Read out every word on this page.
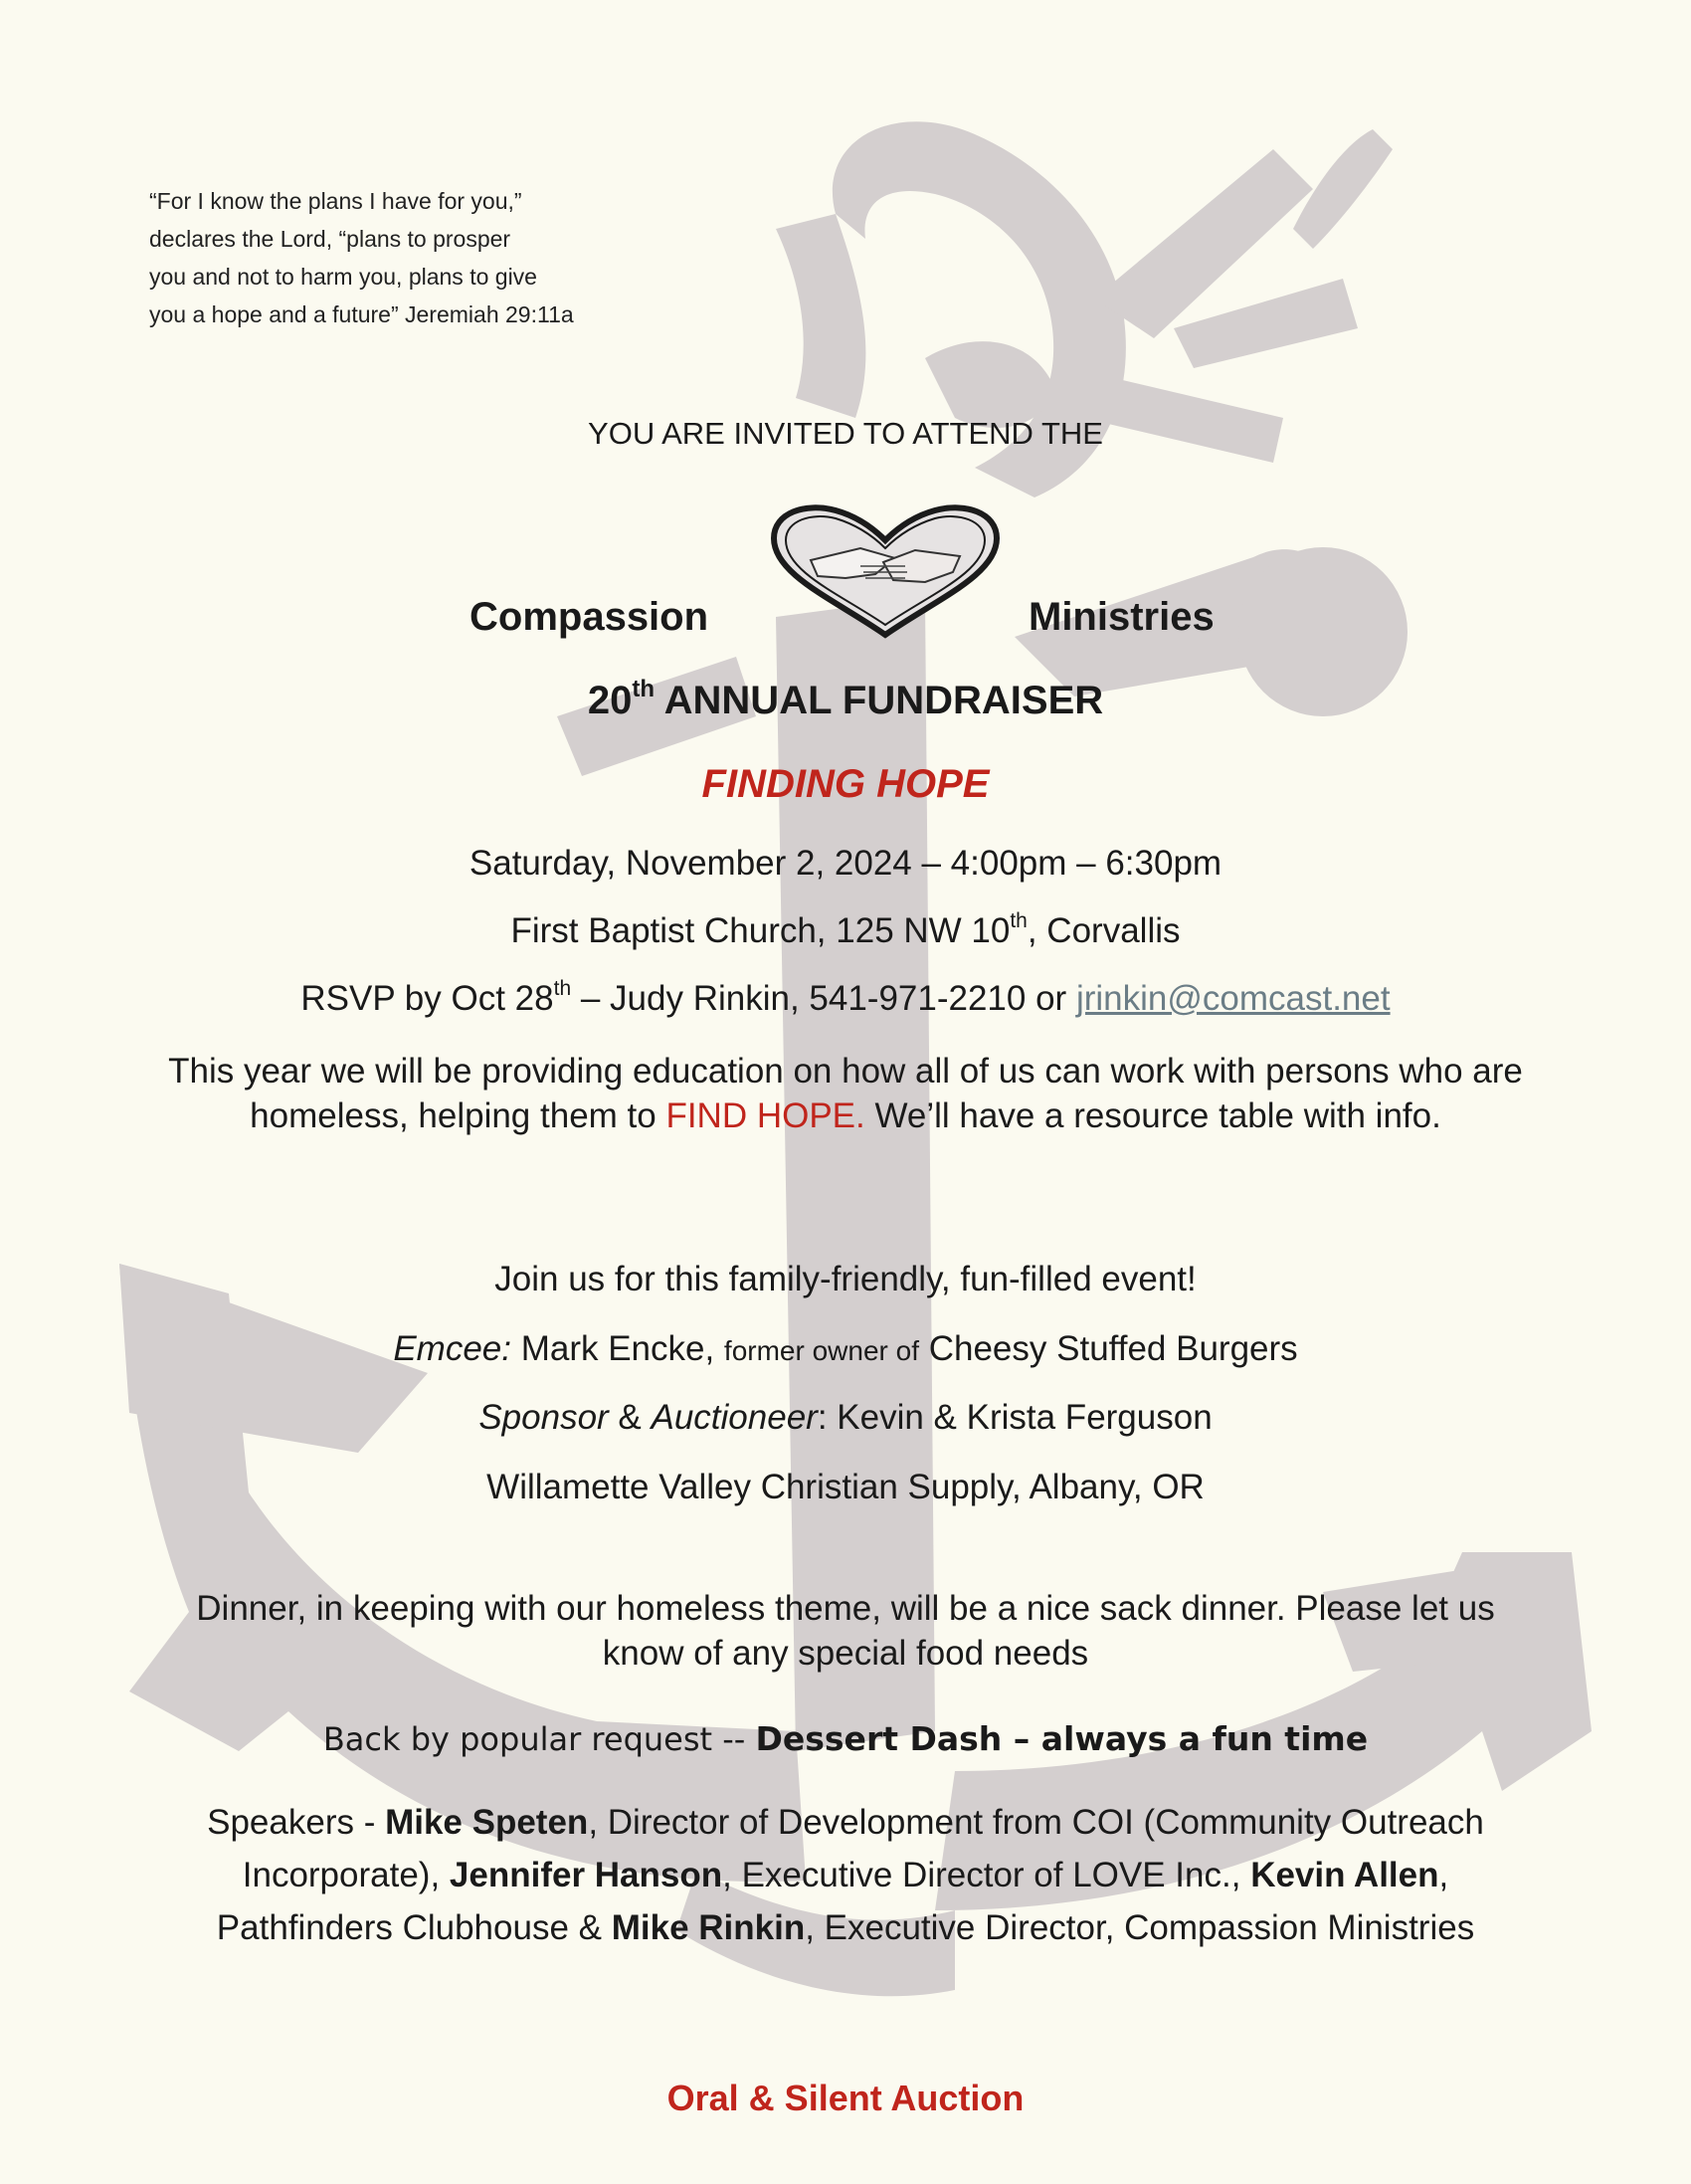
“For I know the plans I have for you,”
declares the Lord, “plans to prosper
you and not to harm you, plans to give
you a hope and a future” Jeremiah 29:11a
YOU ARE INVITED TO ATTEND THE
Compassion	Ministries
20th ANNUAL FUNDRAISER
FINDING HOPE
Saturday, November 2, 2024 – 4:00pm – 6:30pm
First Baptist Church, 125 NW 10th, Corvallis
RSVP by Oct 28th – Judy Rinkin, 541-971-2210 or jrinkin@comcast.net
This year we will be providing education on how all of us can work with persons who are homeless, helping them to FIND HOPE. We’ll have a resource table with info.
Join us for this family-friendly, fun-filled event!
Emcee: Mark Encke, former owner of Cheesy Stuffed Burgers
Sponsor & Auctioneer: Kevin & Krista Ferguson
Willamette Valley Christian Supply, Albany, OR
Dinner, in keeping with our homeless theme, will be a nice sack dinner. Please let us know of any special food needs
Back by popular request -- Dessert Dash – always a fun time
Speakers - Mike Speten, Director of Development from COI (Community Outreach Incorporate), Jennifer Hanson, Executive Director of LOVE Inc., Kevin Allen, Pathfinders Clubhouse & Mike Rinkin, Executive Director, Compassion Ministries
Oral & Silent Auction
